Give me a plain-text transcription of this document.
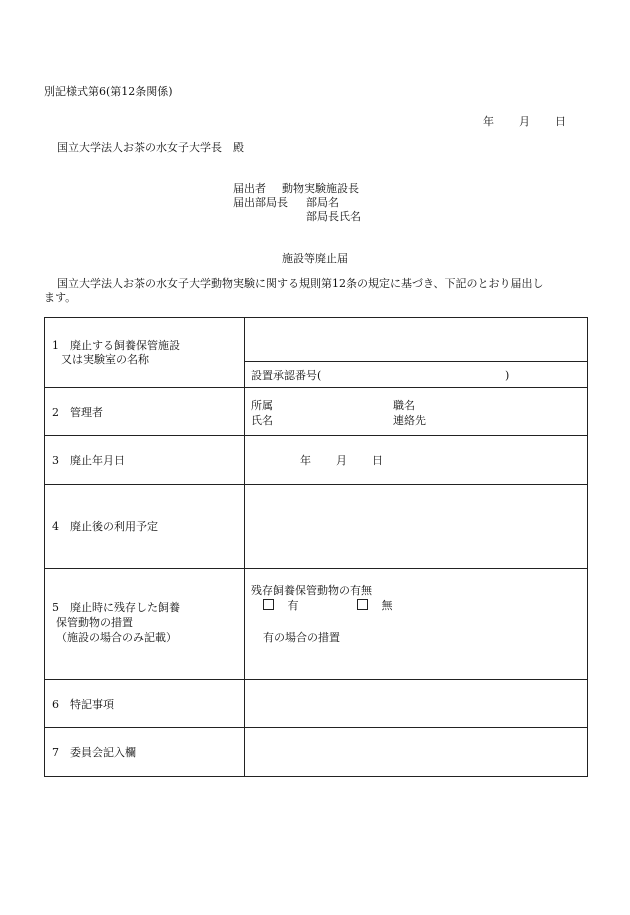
別記様式第6(第12条関係)
年 月 日
国立大学法人お茶の水女子大学長　殿
届出者 動物実験施設長
届出部局長 部局名
部局長氏名
施設等廃止届
国立大学法人お茶の水女子大学動物実験に関する規則第12条の規定に基づき、下記のとおり届出し
ます。
1　廃止する飼養保管施設
又は実験室の名称	設置承認番号( )

2　管理者	所属 職名
氏名 連絡先

3　廃止年月日	年 月 日

4　廃止後の利用予定	

5　廃止時に残存した飼養
保管動物の措置
（施設の場合のみ記載）	残存飼養保管動物の有無
有 無
有の場合の措置

6　特記事項	

7　委員会記入欄	
